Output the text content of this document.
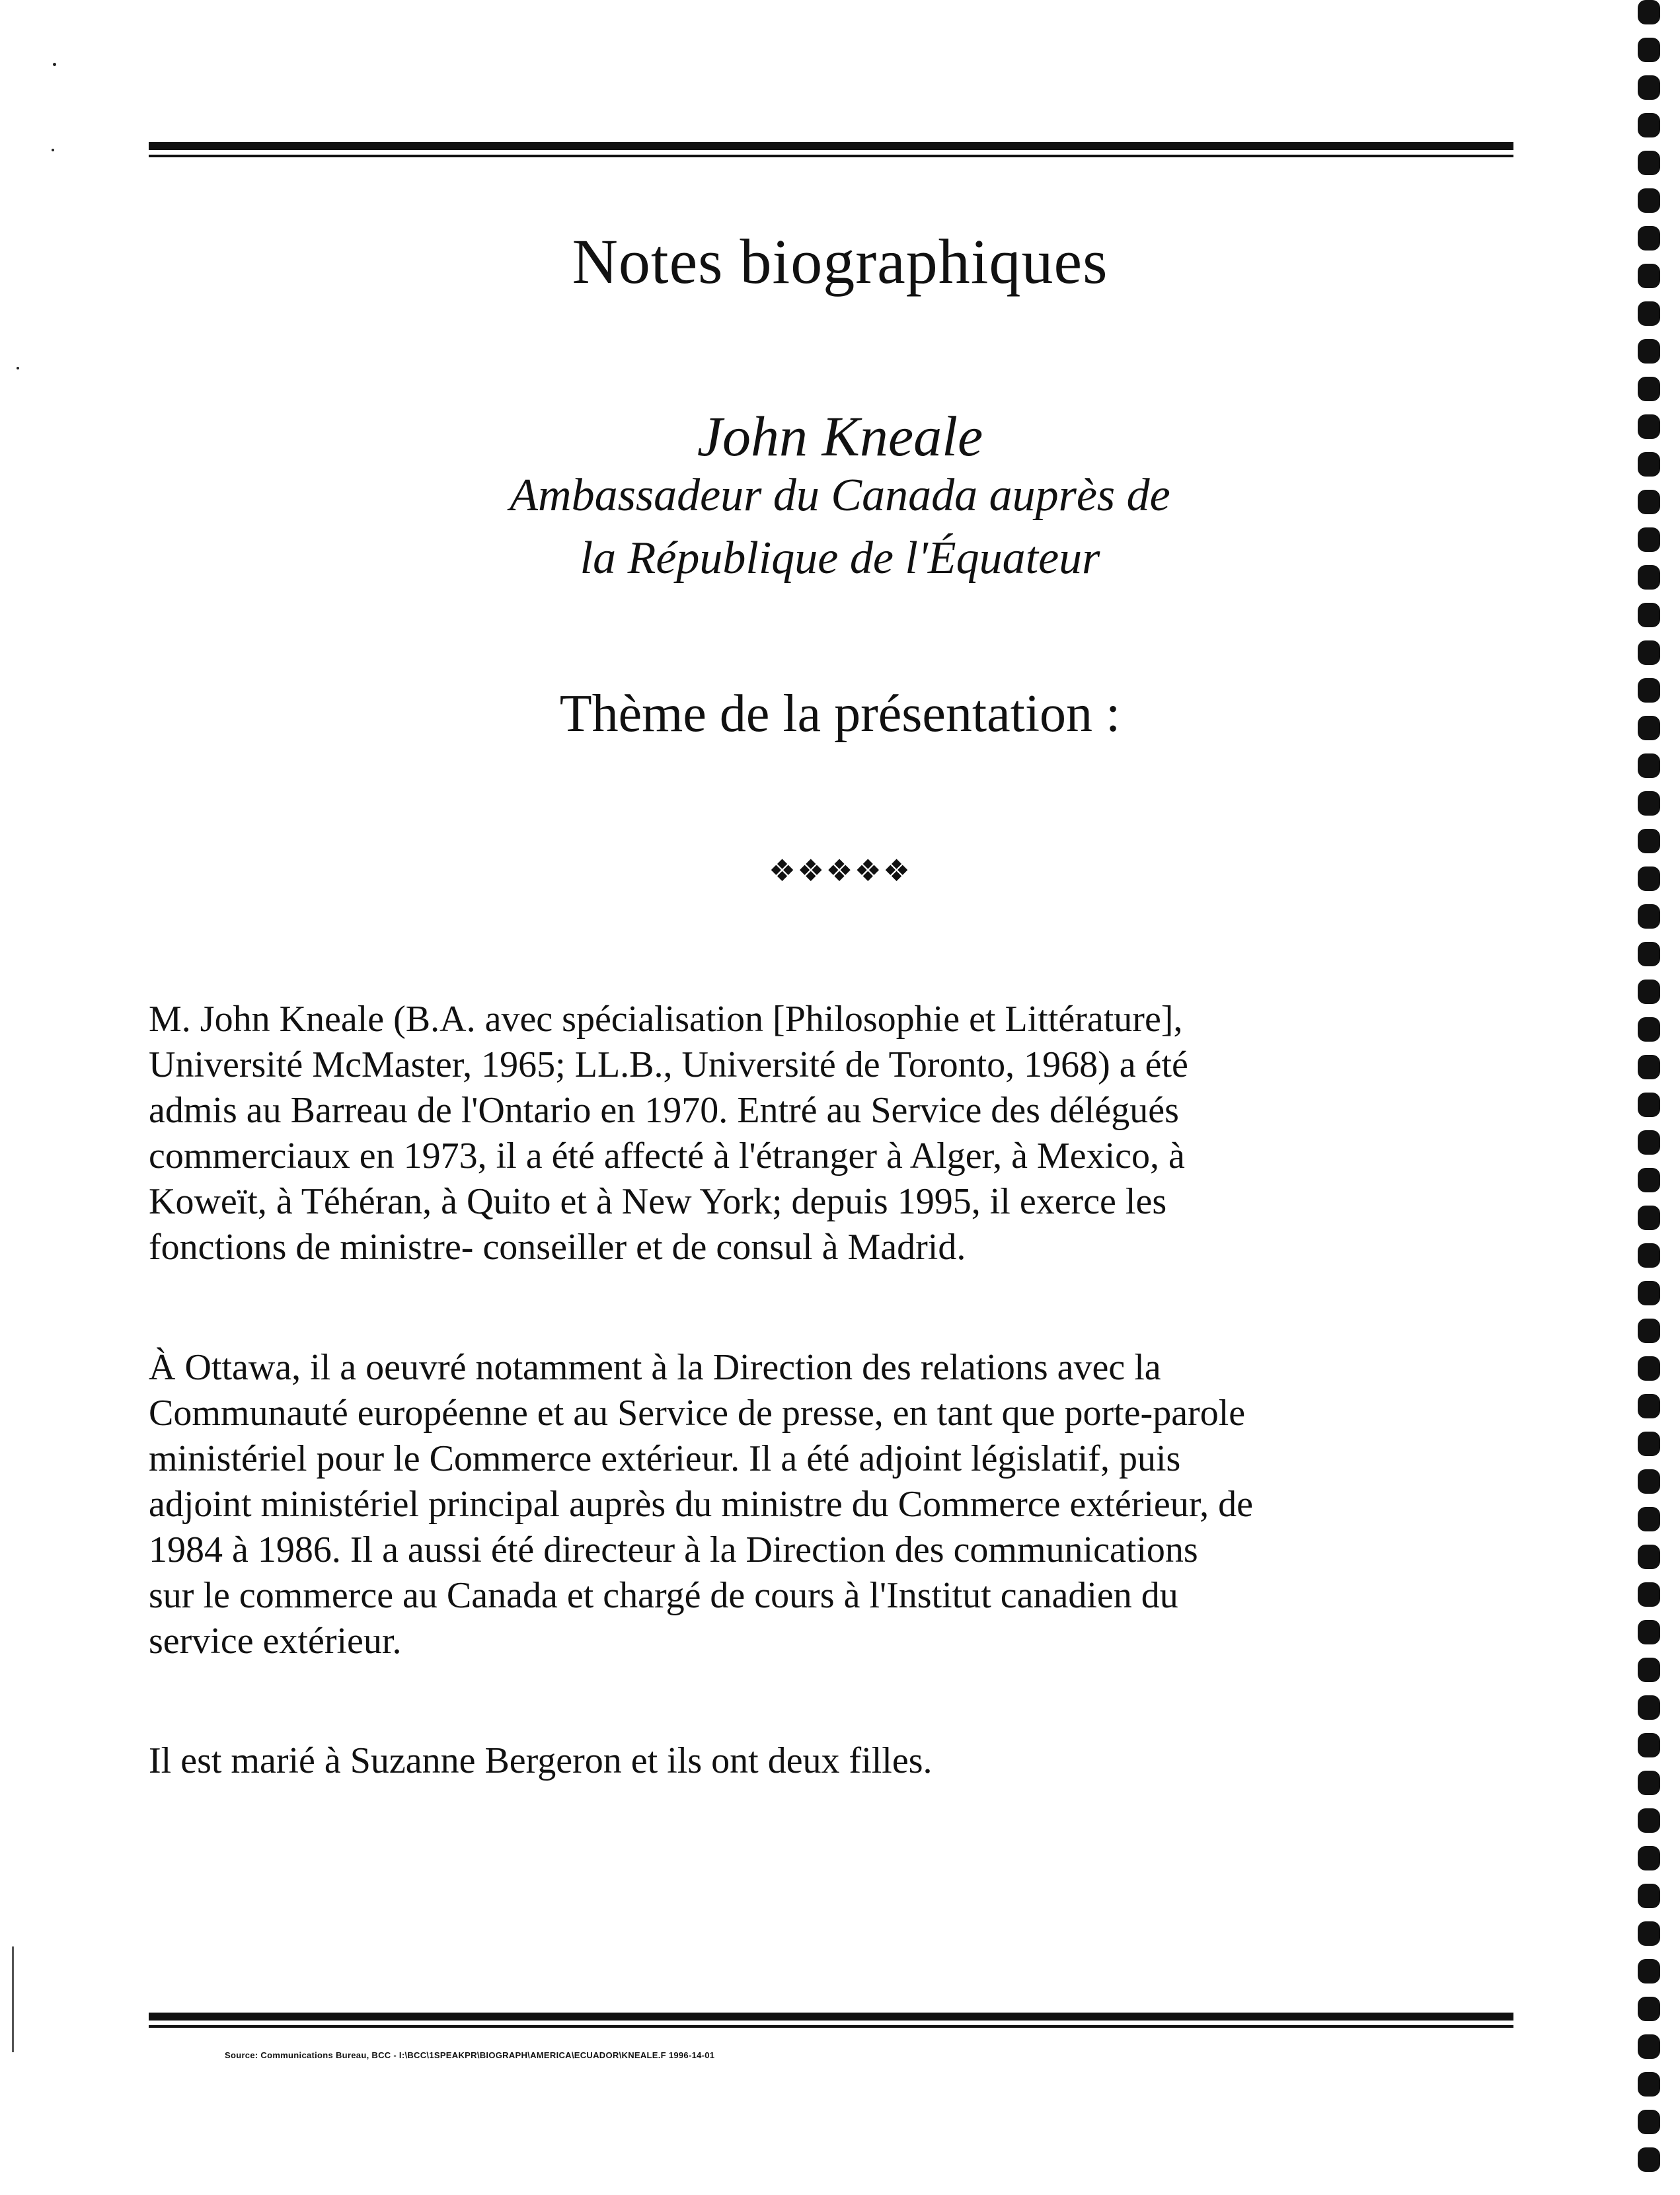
Notes biographiques
John Kneale
Ambassadeur du Canada auprès de
la République de l'Équateur
Thème de la présentation :
❖❖❖❖❖
M. John Kneale (B.A. avec spécialisation [Philosophie et Littérature],
Université McMaster, 1965; LL.B., Université de Toronto, 1968) a été
admis au Barreau de l'Ontario en 1970. Entré au Service des délégués
commerciaux en 1973, il a été affecté à l'étranger à Alger, à Mexico, à
Koweït, à Téhéran, à Quito et à New York; depuis 1995, il exerce les
fonctions de ministre- conseiller et de consul à Madrid.
À Ottawa, il a oeuvré notamment à la Direction des relations avec la
Communauté européenne et au Service de presse, en tant que porte-parole
ministériel pour le Commerce extérieur. Il a été adjoint législatif, puis
adjoint ministériel principal auprès du ministre du Commerce extérieur, de
1984 à 1986. Il a aussi été directeur à la Direction des communications
sur le commerce au Canada et chargé de cours à l'Institut canadien du
service extérieur.
Il est marié à Suzanne Bergeron et ils ont deux filles.
Source: Communications Bureau, BCC - I:\BCC\1SPEAKPR\BIOGRAPH\AMERICA\ECUADOR\KNEALE.F 1996-14-01
